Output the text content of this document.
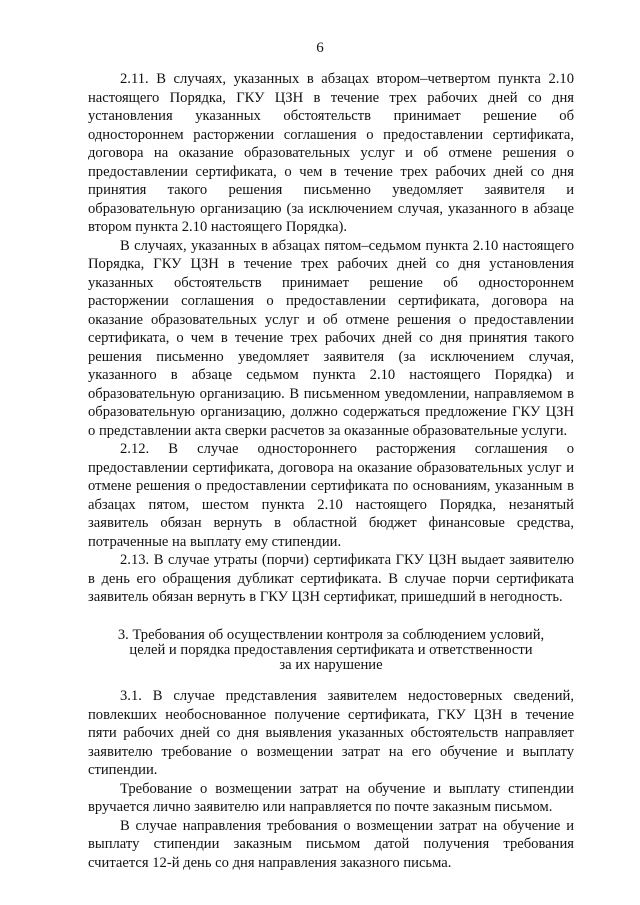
6

2.11. В случаях, указанных в абзацах втором–четвертом пункта 2.10 настоящего Порядка, ГКУ ЦЗН в течение трех рабочих дней со дня установления указанных обстоятельств принимает решение об одностороннем расторжении соглашения о предоставлении сертификата, договора на оказание образовательных услуг и об отмене решения о предоставлении сертификата, о чем в течение трех рабочих дней со дня принятия такого решения письменно уведомляет заявителя и образовательную организацию (за исключением случая, указанного в абзаце втором пункта 2.10 настоящего Порядка).

В случаях, указанных в абзацах пятом–седьмом пункта 2.10 настоящего Порядка, ГКУ ЦЗН в течение трех рабочих дней со дня установления указанных обстоятельств принимает решение об одностороннем расторжении соглашения о предоставлении сертификата, договора на оказание образовательных услуг и об отмене решения о предоставлении сертификата, о чем в течение трех рабочих дней со дня принятия такого решения письменно уведомляет заявителя (за исключением случая, указанного в абзаце седьмом пункта 2.10 настоящего Порядка) и образовательную организацию. В письменном уведомлении, направляемом в образовательную организацию, должно содержаться предложение ГКУ ЦЗН о представлении акта сверки расчетов за оказанные образовательные услуги.

2.12. В случае одностороннего расторжения соглашения о предоставлении сертификата, договора на оказание образовательных услуг и отмене решения о предоставлении сертификата по основаниям, указанным в абзацах пятом, шестом пункта 2.10 настоящего Порядка, незанятый заявитель обязан вернуть в областной бюджет финансовые средства, потраченные на выплату ему стипендии.

2.13. В случае утраты (порчи) сертификата ГКУ ЦЗН выдает заявителю в день его обращения дубликат сертификата. В случае порчи сертификата заявитель обязан вернуть в ГКУ ЦЗН сертификат, пришедший в негодность.

3. Требования об осуществлении контроля за соблюдением условий,
целей и порядка предоставления сертификата и ответственности
за их нарушение

3.1. В случае представления заявителем недостоверных сведений, повлекших необоснованное получение сертификата, ГКУ ЦЗН в течение пяти рабочих дней со дня выявления указанных обстоятельств направляет заявителю требование о возмещении затрат на его обучение и выплату стипендии.

Требование о возмещении затрат на обучение и выплату стипендии вручается лично заявителю или направляется по почте заказным письмом.

В случае направления требования о возмещении затрат на обучение и выплату стипендии заказным письмом датой получения требования считается 12-й день со дня направления заказного письма.
